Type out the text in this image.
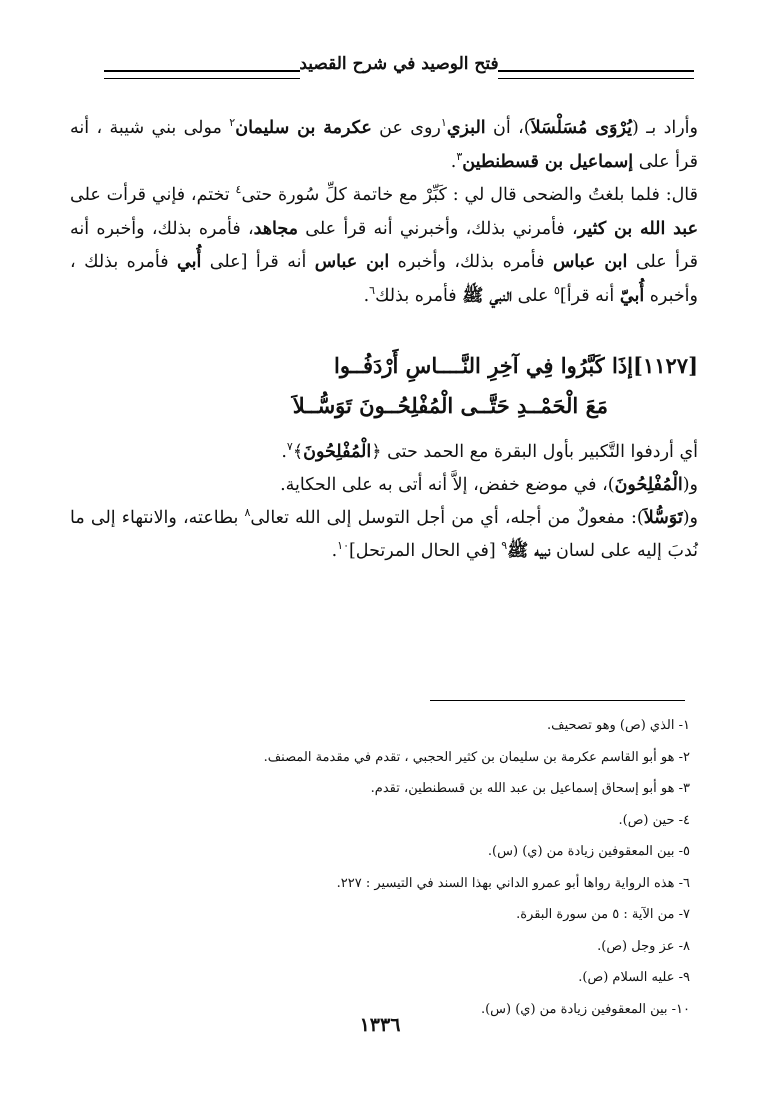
فتح الوصيد في شرح القصيد

وأراد بـ (يُرْوَى مُسَلْسَلاَ)، أن البزي$^١$روى عن عكرمة بن سليمان$^٢$ مولى بني شيبة ، أنه قرأ على إسماعيل بن قسطنطين$^٣$.

قال: فلما بلغتُ والضحى قال لي : كَبِّرْ مع خاتمة كلِّ سُورة حتى$^٤$ تختم، فإني قرأت على عبد الله بن كثير، فأمرني بذلك، وأخبرني أنه قرأ على مجاهد، فأمره بذلك، وأخبره أنه قرأ على ابن عباس فأمره بذلك، وأخبره ابن عباس أنه قرأ [على أُبي فأمره بذلك ، وأخبره أُبيّ أنه قرأ]$^٥$ على النبي ﷺ فأمره بذلك$^٦$.

[١١٢٧]إذَا كَبَّرُوا فِي آخِرِ النَّــــاسِ أَرْدَفُــوا
مَعَ الْحَمْــدِ حَتَّــى الْمُفْلِحُــونَ تَوَسُّــلاَ

أي أردفوا التَّكبير بأول البقرة مع الحمد حتى ﴿الْمُفْلِحُونَ﴾$^٧$.

و(الْمُفْلِحُونَ)، في موضع خفض، إلاَّ أنه أتى به على الحكاية.

و(تَوَسُّلاَ): مفعولٌ من أجله، أي من أجل التوسل إلى الله تعالى$^٨$ بطاعته، والانتهاء إلى ما نُدبَ إليه على لسان نبيه ﷺ$^٩$ [في الحال المرتحل]$^{١٠}$.

١- الذي (ص) وهو تصحيف.
٢- هو أبو القاسم عكرمة بن سليمان بن كثير الحجبي ، تقدم في مقدمة المصنف.
٣- هو أبو إسحاق إسماعيل بن عبد الله بن قسطنطين، تقدم.
٤- حين (ص).
٥- بين المعقوفين زيادة من (ي) (س).
٦- هذه الرواية رواها أبو عمرو الداني بهذا السند في التيسير : ٢٢٧.
٧- من الآية : ٥ من سورة البقرة.
٨- عز وجل (ص).
٩- عليه السلام (ص).
١٠- بين المعقوفين زيادة من (ي) (س).
١٣٣٦
